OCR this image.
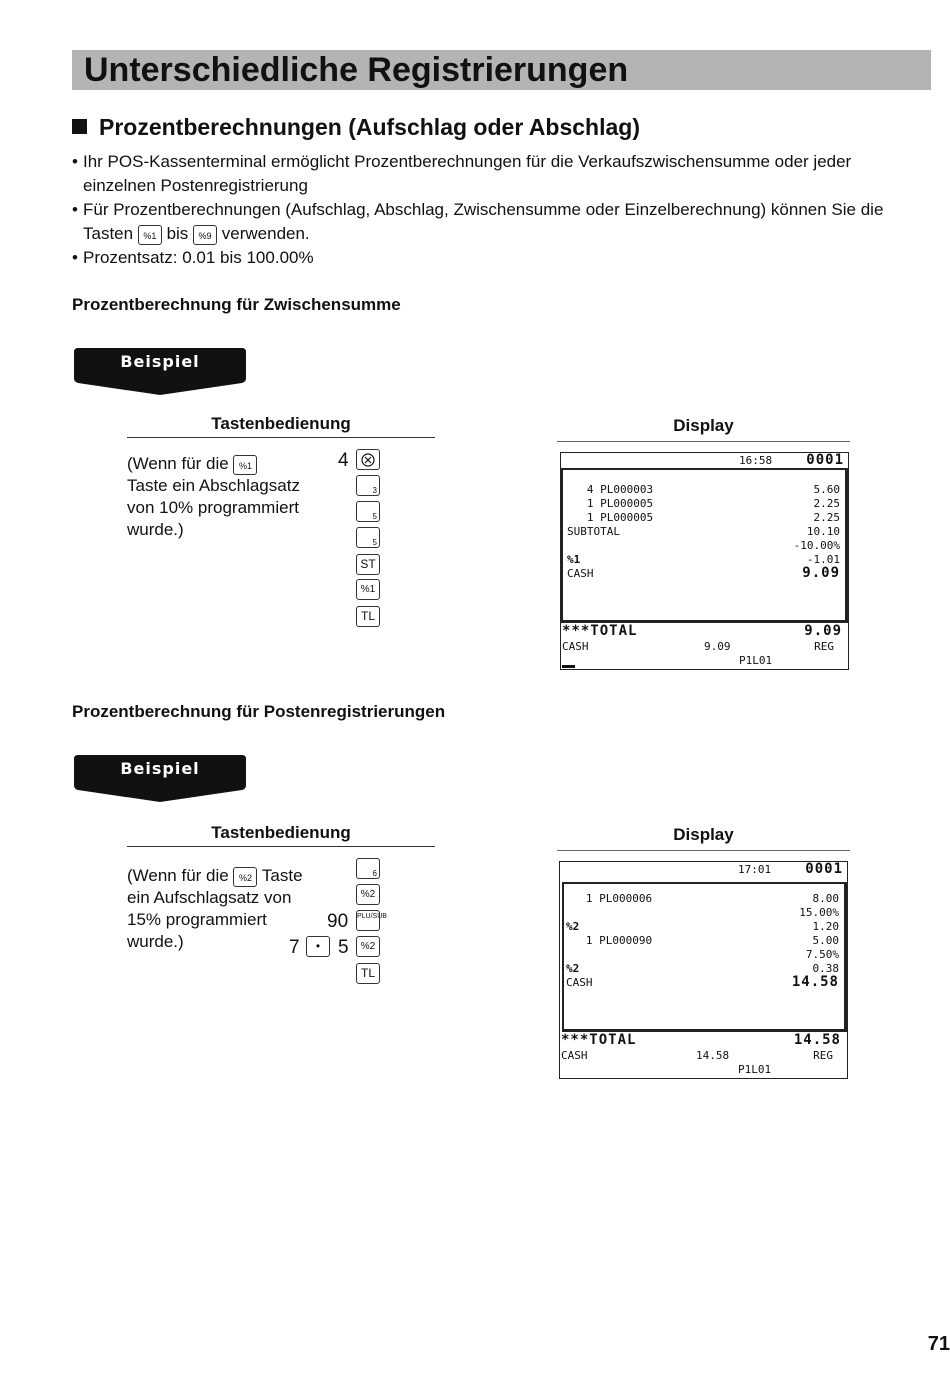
Unterschiedliche Registrierungen
Prozentberechnungen (Aufschlag oder Abschlag)
• Ihr POS-Kassenterminal ermöglicht Prozentberechnungen für die Verkaufszwischensumme oder jeder
einzelnen Postenregistrierung
• Für Prozentberechnungen (Aufschlag, Abschlag, Zwischensumme oder Einzelberechnung) können Sie die
Tasten %1 bis %9 verwenden.
• Prozentsatz: 0.01 bis 100.00%
Prozentberechnung für Zwischensumme
Beispiel
Tastenbedienung	Display
(Wenn für die %1
Taste ein Abschlagsatz
von 10% programmiert
wurde.)
4
3
5
5
ST
%1
TL
16:58 0001
4 PL000003	5.60
1 PL000005	2.25
1 PL000005	2.25
SUBTOTAL	10.10
-10.00%
%1	-1.01
CASH	9.09
***TOTAL	9.09
CASH	9.09	REG
P1L01
Prozentberechnung für Postenregistrierungen
Beispiel
Tastenbedienung	Display
(Wenn für die %2 Taste
ein Aufschlagsatz von
15% programmiert
wurde.)
6
%2
90 PLU/SUB
7	• 5	%2
TL
17:01 0001
1 PL000006	8.00
15.00%
%2	1.20
1 PL000090	5.00
7.50%
%2	0.38
CASH	14.58
***TOTAL	14.58
CASH	14.58	REG
P1L01
71
